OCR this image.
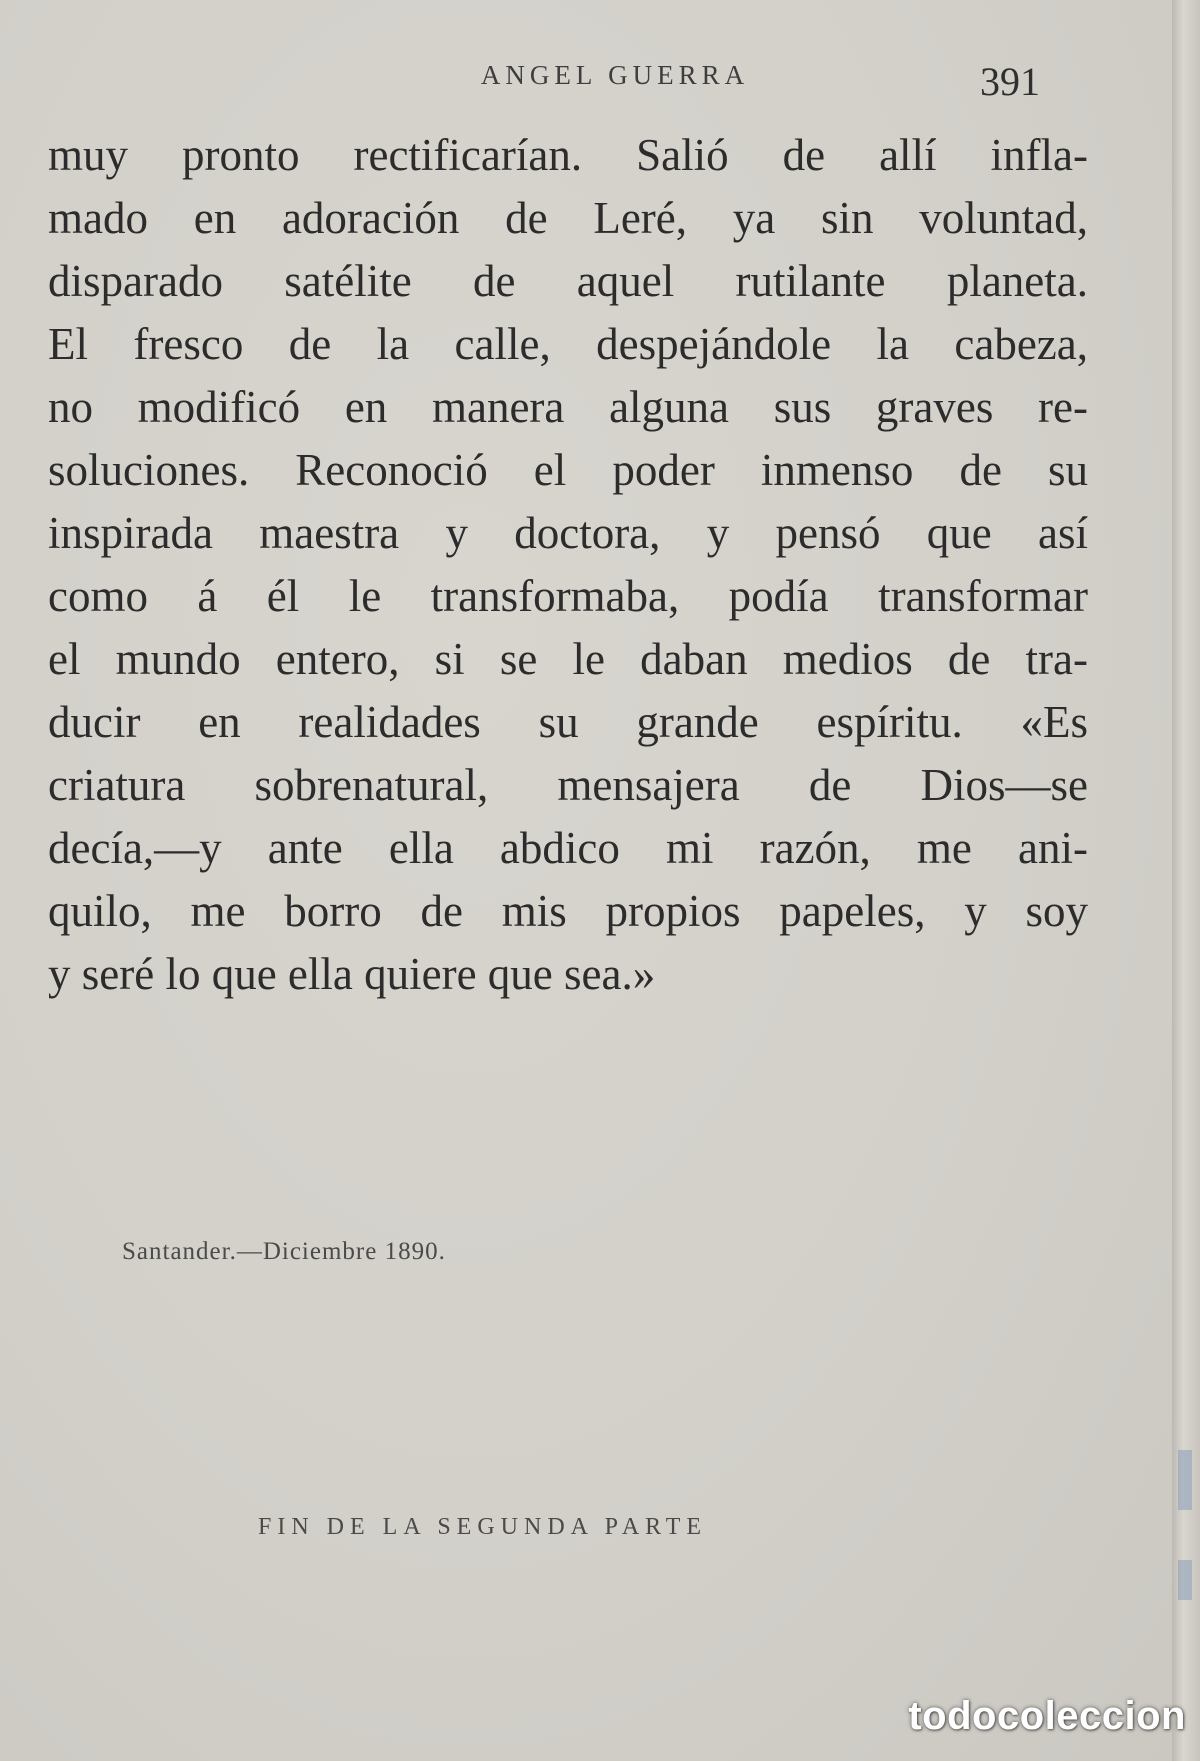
ANGEL GUERRA	391
muy pronto rectificarían. Salió de allí infla-
mado en adoración de Leré, ya sin voluntad,
disparado satélite de aquel rutilante planeta.
El fresco de la calle, despejándole la cabeza,
no modificó en manera alguna sus graves re-
soluciones. Reconoció el poder inmenso de su
inspirada maestra y doctora, y pensó que así
como á él le transformaba, podía transformar
el mundo entero, si se le daban medios de tra-
ducir en realidades su grande espíritu. «Es
criatura sobrenatural, mensajera de Dios—se
decía,—y ante ella abdico mi razón, me ani-
quilo, me borro de mis propios papeles, y soy
y seré lo que ella quiere que sea.»
Santander.—Diciembre 1890.
FIN DE LA SEGUNDA PARTE
todocoleccion
